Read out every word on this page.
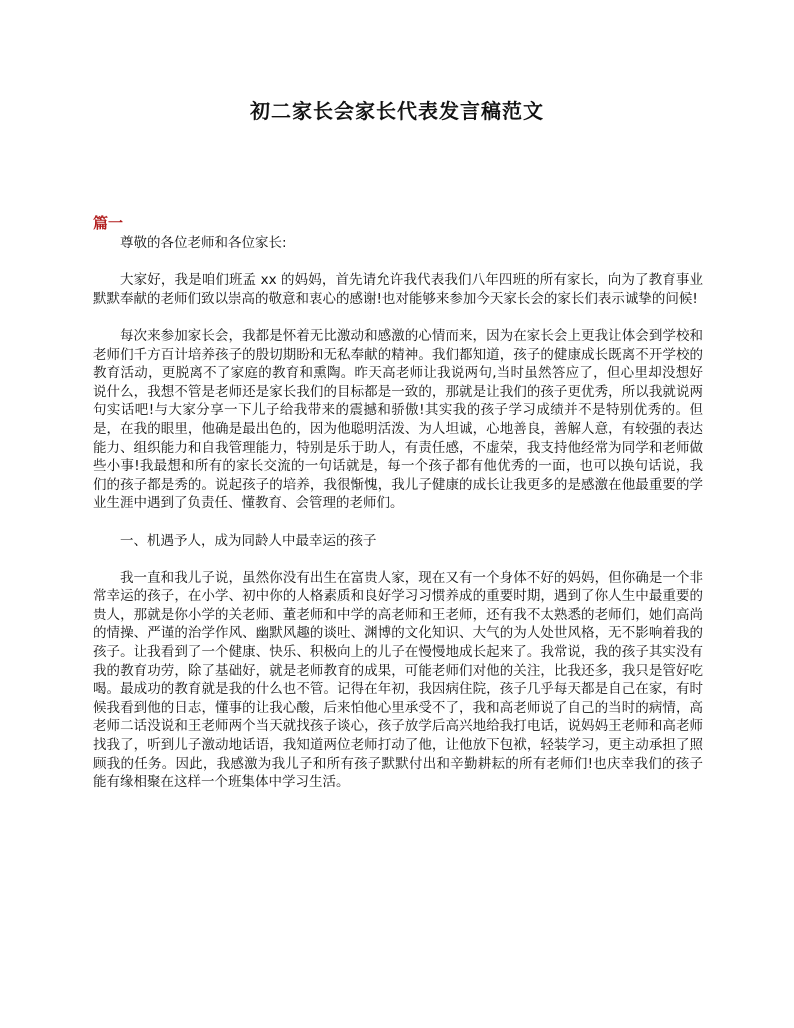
初二家长会家长代表发言稿范文
篇一

尊敬的各位老师和各位家长:

大家好，我是咱们班孟 xx 的妈妈，首先请允许我代表我们八年四班的所有家长，向为了教育事业默默奉献的老师们致以崇高的敬意和衷心的感谢!也对能够来参加今天家长会的家长们表示诚挚的问候!

每次来参加家长会，我都是怀着无比激动和感激的心情而来，因为在家长会上更我让体会到学校和老师们千方百计培养孩子的殷切期盼和无私奉献的精神。我们都知道，孩子的健康成长既离不开学校的教育活动，更脱离不了家庭的教育和熏陶。昨天高老师让我说两句,当时虽然答应了，但心里却没想好说什么，我想不管是老师还是家长我们的目标都是一致的，那就是让我们的孩子更优秀，所以我就说两句实话吧!与大家分享一下儿子给我带来的震撼和骄傲!其实我的孩子学习成绩并不是特别优秀的。但是，在我的眼里，他确是最出色的，因为他聪明活泼、为人坦诚，心地善良，善解人意，有较强的表达能力、组织能力和自我管理能力，特别是乐于助人，有责任感，不虚荣，我支持他经常为同学和老师做些小事!我最想和所有的家长交流的一句话就是，每一个孩子都有他优秀的一面，也可以换句话说，我们的孩子都是秀的。说起孩子的培养，我很惭愧，我儿子健康的成长让我更多的是感激在他最重要的学业生涯中遇到了负责任、懂教育、会管理的老师们。

一、机遇予人，成为同龄人中最幸运的孩子

我一直和我儿子说，虽然你没有出生在富贵人家，现在又有一个身体不好的妈妈，但你确是一个非常幸运的孩子，在小学、初中你的人格素质和良好学习习惯养成的重要时期，遇到了你人生中最重要的贵人，那就是你小学的关老师、董老师和中学的高老师和王老师，还有我不太熟悉的老师们，她们高尚的情操、严谨的治学作风、幽默风趣的谈吐、渊博的文化知识、大气的为人处世风格，无不影响着我的孩子。让我看到了一个健康、快乐、积极向上的儿子在慢慢地成长起来了。我常说，我的孩子其实没有我的教育功劳，除了基础好，就是老师教育的成果，可能老师们对他的关注，比我还多，我只是管好吃喝。最成功的教育就是我的什么也不管。记得在年初，我因病住院，孩子几乎每天都是自己在家，有时候我看到他的日志，懂事的让我心酸，后来怕他心里承受不了，我和高老师说了自己的当时的病情，高老师二话没说和王老师两个当天就找孩子谈心，孩子放学后高兴地给我打电话，说妈妈王老师和高老师找我了，听到儿子激动地话语，我知道两位老师打动了他，让他放下包袱，轻装学习，更主动承担了照顾我的任务。因此，我感激为我儿子和所有孩子默默付出和辛勤耕耘的所有老师们!也庆幸我们的孩子能有缘相聚在这样一个班集体中学习生活。
